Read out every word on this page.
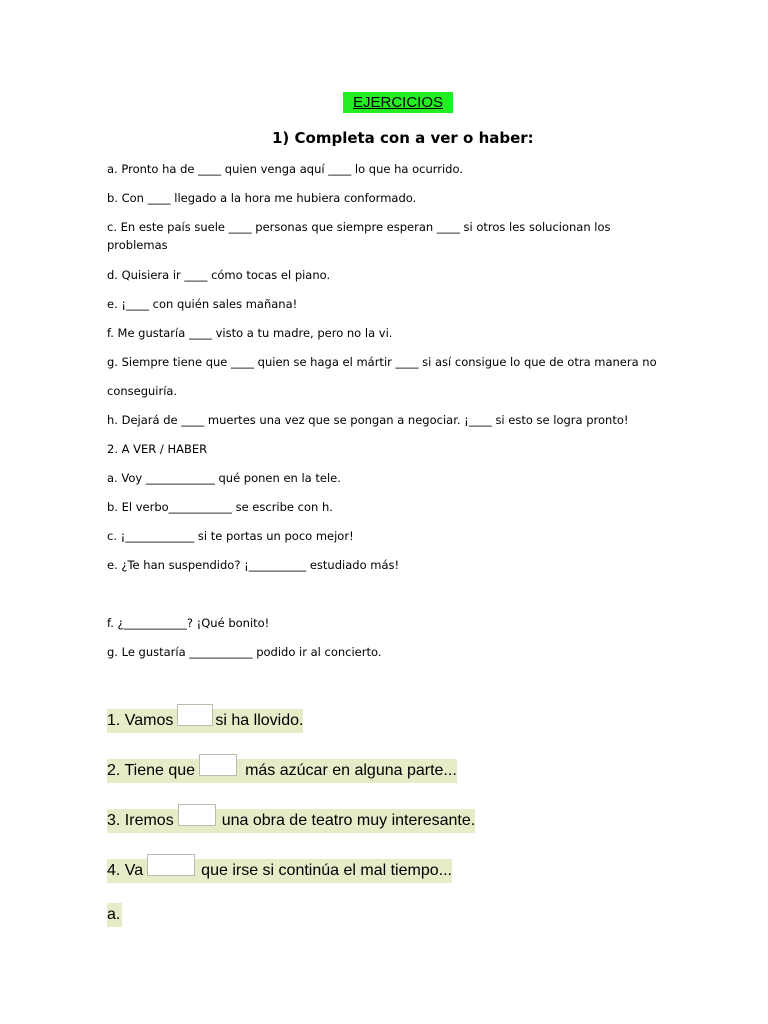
EJERCICIOS
1) Completa con a ver o haber:
a. Pronto ha de ____ quien venga aquí ____ lo que ha ocurrido.
b. Con ____ llegado a la hora me hubiera conformado.
c. En este país suele ____ personas que siempre esperan ____ si otros les solucionan los problemas
d. Quisiera ir ____ cómo tocas el piano.
e. ¡____ con quién sales mañana!
f. Me gustaría ____ visto a tu madre, pero no la vi.
g. Siempre tiene que ____ quien se haga el mártir ____ si así consigue lo que de otra manera no
conseguiría.
h. Dejará de ____ muertes una vez que se pongan a negociar. ¡____ si esto se logra pronto!
2. A VER / HABER
a. Voy ____________ qué ponen en la tele.
b. El verbo___________ se escribe con h.
c. ¡____________ si te portas un poco mejor!
e. ¿Te han suspendido? ¡__________ estudiado más!
f. ¿___________? ¡Qué bonito!
g. Le gustaría ___________ podido ir al concierto.
1. Vamos	si ha llovido.
2. Tiene que	más azúcar en alguna parte...
3. Iremos	una obra de teatro muy interesante.
4. Va	que irse si continúa el mal tiempo...
a.
